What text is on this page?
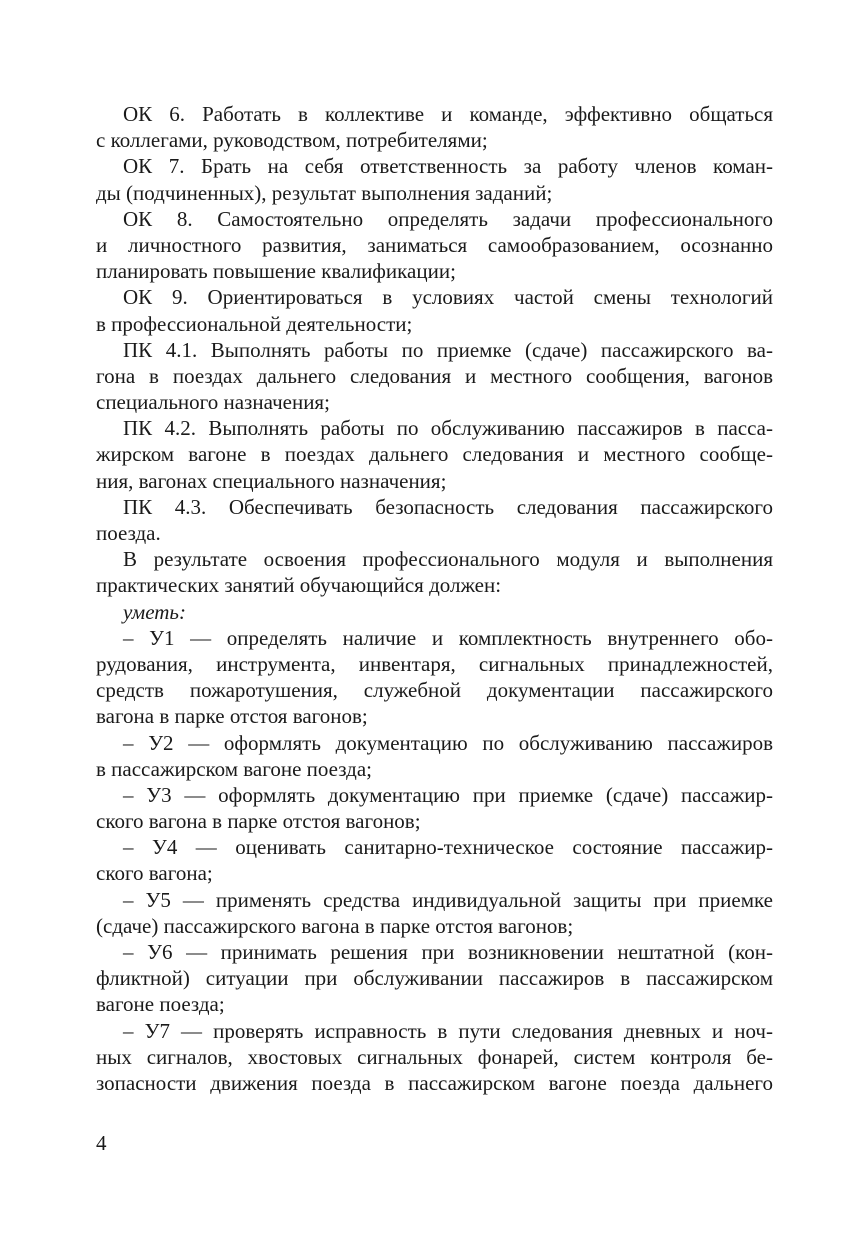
ОК 6. Работать в коллективе и команде, эффективно общаться
с коллегами, руководством, потребителями;
ОК 7. Брать на себя ответственность за работу членов коман-
ды (подчиненных), результат выполнения заданий;
ОК 8. Самостоятельно определять задачи профессионального
и личностного развития, заниматься самообразованием, осознанно
планировать повышение квалификации;
ОК 9. Ориентироваться в условиях частой смены технологий
в профессиональной деятельности;
ПК 4.1. Выполнять работы по приемке (сдаче) пассажирского ва-
гона в поездах дальнего следования и местного сообщения, вагонов
специального назначения;
ПК 4.2. Выполнять работы по обслуживанию пассажиров в пасса-
жирском вагоне в поездах дальнего следования и местного сообще-
ния, вагонах специального назначения;
ПК 4.3. Обеспечивать безопасность следования пассажирского
поезда.
В результате освоения профессионального модуля и выполнения
практических занятий обучающийся должен:
уметь:
– У1 — определять наличие и комплектность внутреннего обо-
рудования, инструмента, инвентаря, сигнальных принадлежностей,
средств пожаротушения, служебной документации пассажирского
вагона в парке отстоя вагонов;
– У2 — оформлять документацию по обслуживанию пассажиров
в пассажирском вагоне поезда;
– У3 — оформлять документацию при приемке (сдаче) пассажир-
ского вагона в парке отстоя вагонов;
– У4 — оценивать санитарно-техническое состояние пассажир-
ского вагона;
– У5 — применять средства индивидуальной защиты при приемке
(сдаче) пассажирского вагона в парке отстоя вагонов;
– У6 — принимать решения при возникновении нештатной (кон-
фликтной) ситуации при обслуживании пассажиров в пассажирском
вагоне поезда;
– У7 — проверять исправность в пути следования дневных и ноч-
ных сигналов, хвостовых сигнальных фонарей, систем контроля бе-
зопасности движения поезда в пассажирском вагоне поезда дальнего
4
